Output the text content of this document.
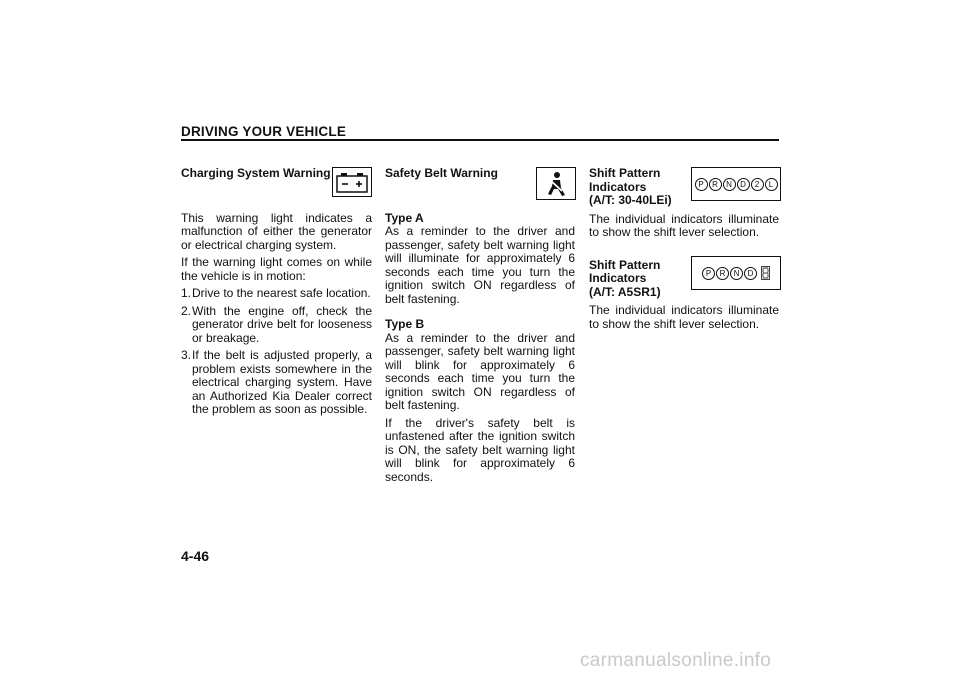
DRIVING YOUR VEHICLE
Charging System Warning

This warning light indicates a malfunction of either the generator or electrical charging system.

If the warning light comes on while the vehicle is in motion:

1. Drive to the nearest safe location.
2. With the engine off, check the generator drive belt for looseness or breakage.
3. If the belt is adjusted properly, a problem exists somewhere in the electrical charging system. Have an Authorized Kia Dealer correct the problem as soon as possible.
Safety Belt Warning
Type A

As a reminder to the driver and passenger, safety belt warning light will illuminate for approximately 6 seconds each time you turn the ignition switch ON regardless of belt fastening.

Type B

As a reminder to the driver and passenger, safety belt warning light will blink for approximately 6 seconds each time you turn the ignition switch ON regardless of belt fastening.

If the driver's safety belt is unfastened after the ignition switch is ON, the safety belt warning light will blink for approximately 6 seconds.

P	R	N	D	2	L
P	R	N	D
Shift Pattern
Indicators
(A/T: 30-40LEi)

The individual indicators illuminate to show the shift lever selection.

Shift Pattern
Indicators
(A/T: A5SR1)

The individual indicators illuminate to show the shift lever selection.

4-46
carmanualsonline.info
